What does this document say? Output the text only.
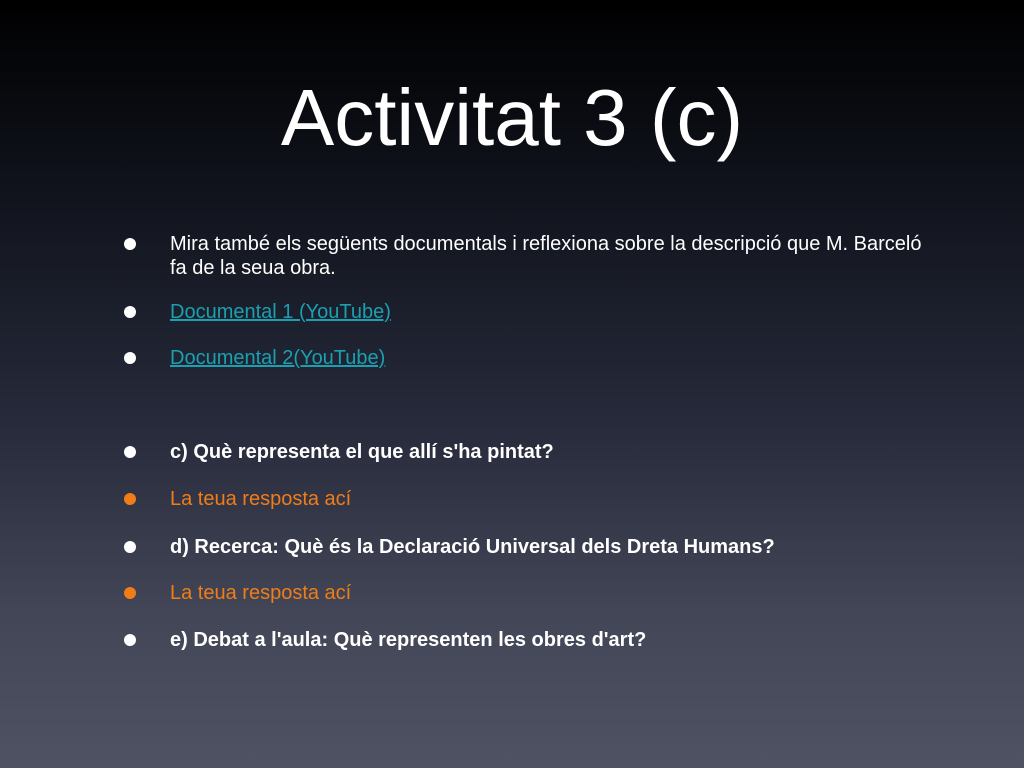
Activitat 3 (c)
Mira també els següents documentals i reflexiona sobre la descripció que M. Barceló fa de la seua obra.
Documental 1 (YouTube)
Documental 2(YouTube)
c) Què representa el que allí s'ha pintat?
La teua resposta ací
d) Recerca: Què és la Declaració Universal dels Dreta Humans?
La teua resposta ací
e) Debat a l'aula: Què representen les obres d'art?
